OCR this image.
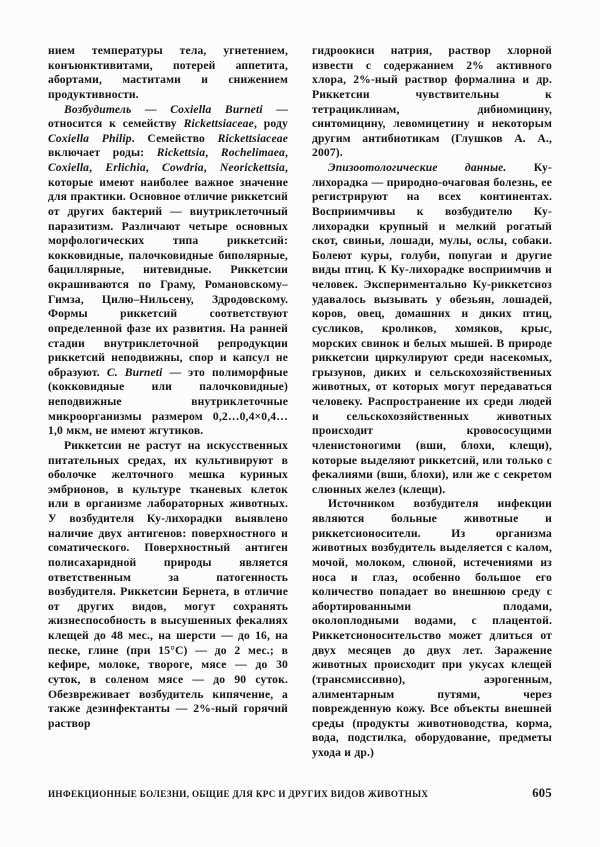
нием температуры тела, угнетением, конъюнктивитами, потерей аппетита, абортами, маститами и снижением продуктивности.

Возбудитель — Coxiella Burneti — относится к семейству Rickettsiaceae, роду Coxiella Philip. Семейство Rickettsiaceae включает роды: Rickettsia, Rochelimaea, Coxiella, Erlichia, Cowdria, Neorickettsia, которые имеют наиболее важное значение для практики. Основное отличие риккетсий от других бактерий — внутриклеточный паразитизм. Различают четыре основных морфологических типа риккетсий: кокковидные, палочковидные биполярные, бациллярные, нитевидные. Риккетсии окрашиваются по Граму, Романовскому–Гимза, Цилю–Нильсену, Здродовскому. Формы риккетсий соответствуют определенной фазе их развития. На ранней стадии внутриклеточной репродукции риккетсий неподвижны, спор и капсул не образуют. C. Burneti — это полиморфные (кокковидные или палочковидные) неподвижные внутриклеточные микроорганизмы размером 0,2…0,4×0,4…1,0 мкм, не имеют жгутиков.

Риккетсии не растут на искусственных питательных средах, их культивируют в оболочке желточного мешка куриных эмбрионов, в культуре тканевых клеток или в организме лабораторных животных. У возбудителя Ку-лихорадки выявлено наличие двух антигенов: поверхностного и соматического. Поверхностный антиген полисахаридной природы является ответственным за патогенность возбудителя. Риккетсии Бернета, в отличие от других видов, могут сохранять жизнеспособность в высушенных фекалиях клещей до 48 мес., на шерсти — до 16, на песке, глине (при 15°С) — до 2 мес.; в кефире, молоке, твороге, мясе — до 30 суток, в соленом мясе — до 90 суток. Обезвреживает возбудитель кипячение, а также дезинфектанты — 2%-ный горячий раствор

гидроокиси натрия, раствор хлорной извести с содержанием 2% активного хлора, 2%-ный раствор формалина и др. Риккетсии чувствительны к тетрациклинам, дибиомицину, синтомицину, левомицетину и некоторым другим антибиотикам (Глушков А. А., 2007).

Эпизоотологические данные. Ку-лихорадка — природно-очаговая болезнь, ее регистрируют на всех континентах. Восприимчивы к возбудителю Ку-лихорадки крупный и мелкий рогатый скот, свиньи, лошади, мулы, ослы, собаки. Болеют куры, голуби, попугаи и другие виды птиц. К Ку-лихорадке восприимчив и человек. Экспериментально Ку-риккетсиоз удавалось вызывать у обезьян, лошадей, коров, овец, домашних и диких птиц, сусликов, кроликов, хомяков, крыс, морских свинок и белых мышей. В природе риккетсии циркулируют среди насекомых, грызунов, диких и сельскохозяйственных животных, от которых могут передаваться человеку. Распространение их среди людей и сельскохозяйственных животных происходит кровососущими членистоногими (вши, блохи, клещи), которые выделяют риккетсий, или только с фекалиями (вши, блохи), или же с секретом слюнных желез (клещи).

Источником возбудителя инфекции являются больные животные и риккетсионосители. Из организма животных возбудитель выделяется с калом, мочой, молоком, слюной, истечениями из носа и глаз, особенно большое его количество попадает во внешнюю среду с абортированными плодами, околоплодными водами, с плацентой. Риккетсионосительство может длиться от двух месяцев до двух лет. Заражение животных происходит при укусах клещей (трансмиссивно), аэрогенным, алиментарным путями, через поврежденную кожу. Все объекты внешней среды (продукты животноводства, корма, вода, подстилка, оборудование, предметы ухода и др.)

ИНФЕКЦИОННЫЕ БОЛЕЗНИ, ОБЩИЕ ДЛЯ КРС И ДРУГИХ ВИДОВ ЖИВОТНЫХ	605
